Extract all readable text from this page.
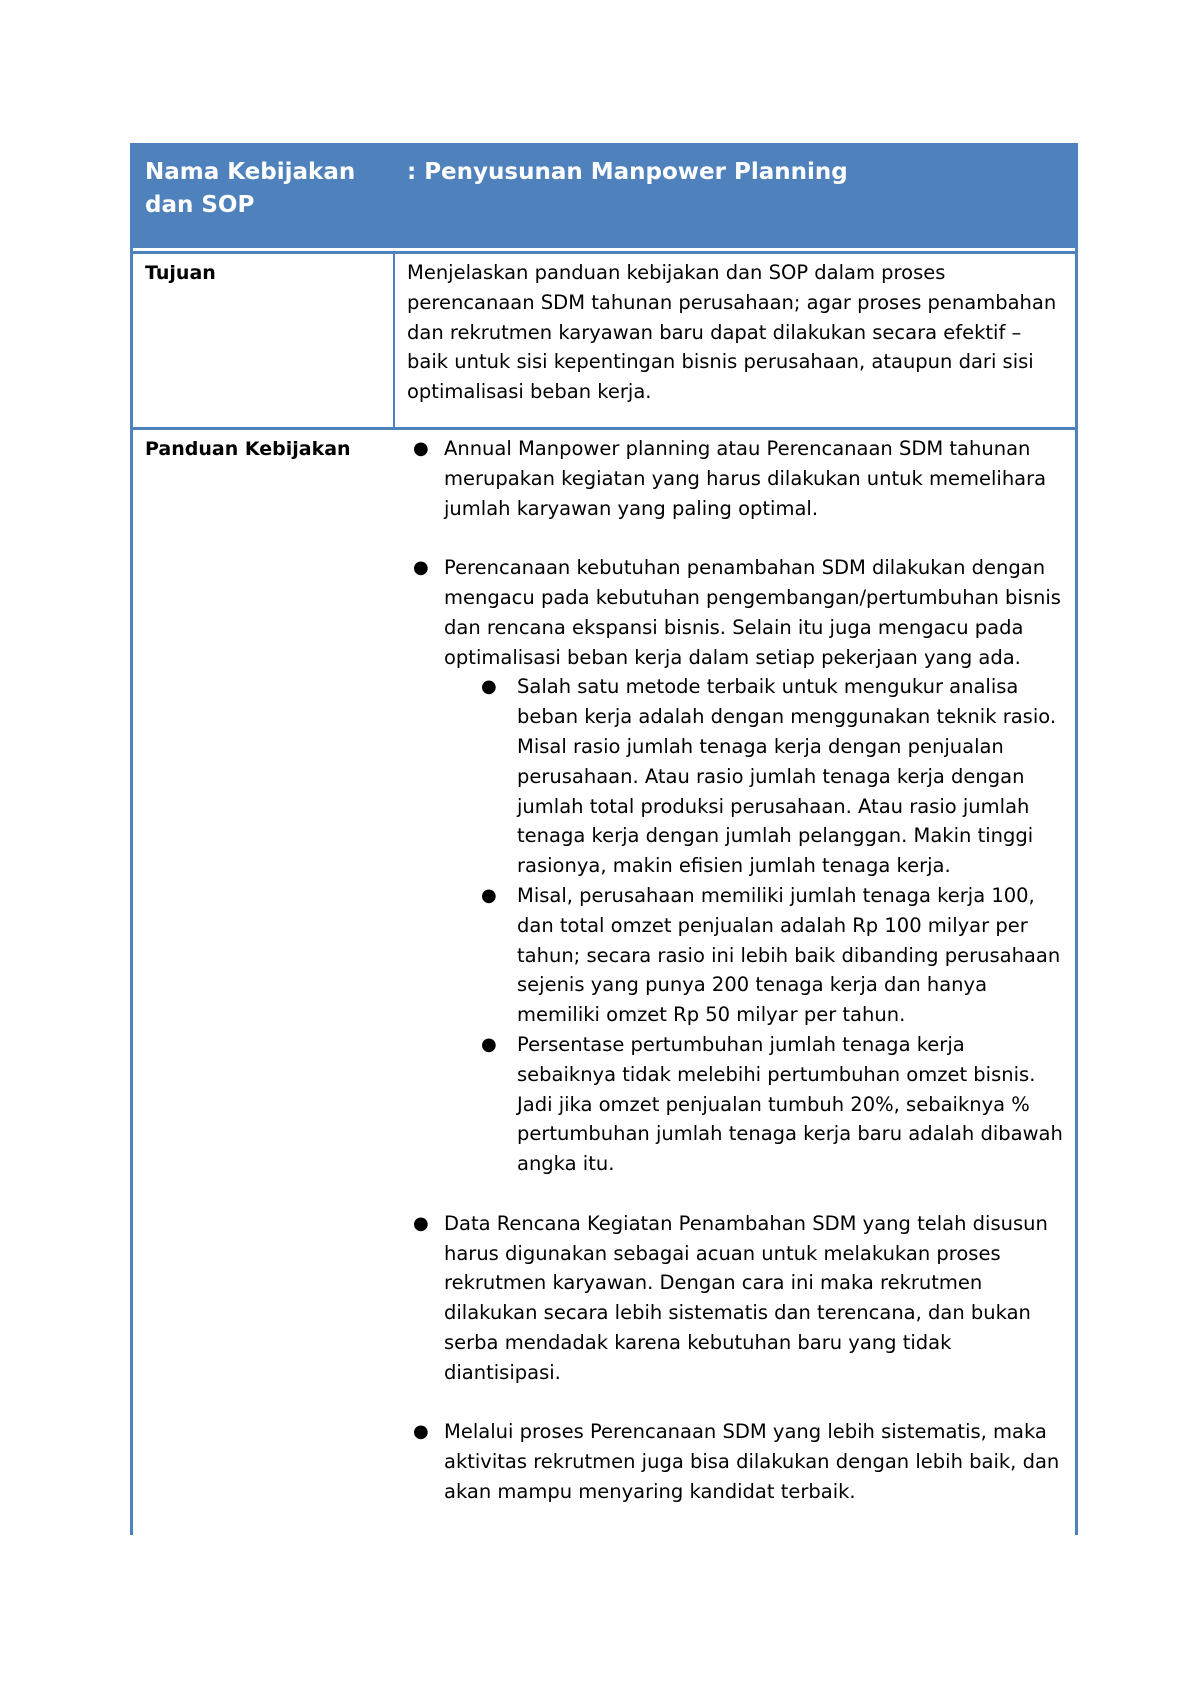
Nama Kebijakan dan SOP
: Penyusunan Manpower Planning
Tujuan	Menjelaskan panduan kebijakan dan SOP dalam proses perencanaan SDM tahunan perusahaan; agar proses penambahan dan rekrutmen karyawan baru dapat dilakukan secara efektif – baik untuk sisi kepentingan bisnis perusahaan, ataupun dari sisi optimalisasi beban kerja.

Panduan Kebijakan	● Annual Manpower planning atau Perencanaan SDM tahunan merupakan kegiatan yang harus dilakukan untuk memelihara jumlah karyawan yang paling optimal.
● Perencanaan kebutuhan penambahan SDM dilakukan dengan mengacu pada kebutuhan pengembangan/pertumbuhan bisnis dan rencana ekspansi bisnis. Selain itu juga mengacu pada optimalisasi beban kerja dalam setiap pekerjaan yang ada.
● Salah satu metode terbaik untuk mengukur analisa beban kerja adalah dengan menggunakan teknik rasio. Misal rasio jumlah tenaga kerja dengan penjualan perusahaan. Atau rasio jumlah tenaga kerja dengan jumlah total produksi perusahaan. Atau rasio jumlah tenaga kerja dengan jumlah pelanggan. Makin tinggi rasionya, makin efisien jumlah tenaga kerja.
● Misal, perusahaan memiliki jumlah tenaga kerja 100, dan total omzet penjualan adalah Rp 100 milyar per tahun; secara rasio ini lebih baik dibanding perusahaan sejenis yang punya 200 tenaga kerja dan hanya memiliki omzet Rp 50 milyar per tahun.
● Persentase pertumbuhan jumlah tenaga kerja sebaiknya tidak melebihi pertumbuhan omzet bisnis. Jadi jika omzet penjualan tumbuh 20%, sebaiknya % pertumbuhan jumlah tenaga kerja baru adalah dibawah angka itu.
● Data Rencana Kegiatan Penambahan SDM yang telah disusun harus digunakan sebagai acuan untuk melakukan proses rekrutmen karyawan. Dengan cara ini maka rekrutmen dilakukan secara lebih sistematis dan terencana, dan bukan serba mendadak karena kebutuhan baru yang tidak diantisipasi.
● Melalui proses Perencanaan SDM yang lebih sistematis, maka aktivitas rekrutmen juga bisa dilakukan dengan lebih baik, dan akan mampu menyaring kandidat terbaik.
